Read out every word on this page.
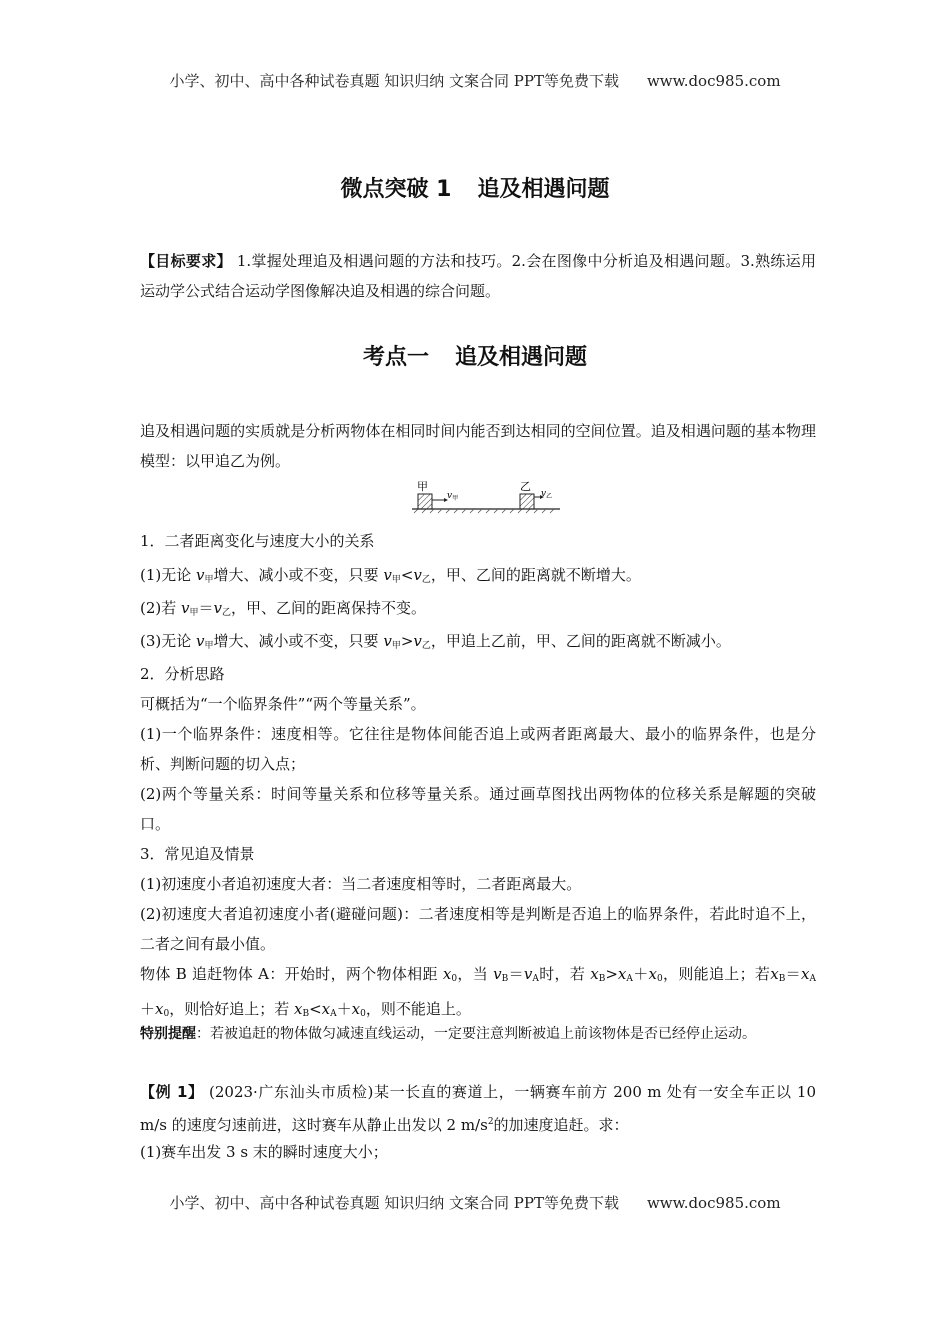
小学、初中、高中各种试卷真题 知识归纳 文案合同 PPT等免费下载 www.doc985.com
小学、初中、高中各种试卷真题 知识归纳 文案合同 PPT等免费下载 www.doc985.com
微点突破 1 追及相遇问题
【目标要求】 1.掌握处理追及相遇问题的方法和技巧。2.会在图像中分析追及相遇问题。3.熟练运用运动学公式结合运动学图像解决追及相遇的综合问题。
考点一 追及相遇问题
追及相遇问题的实质就是分析两物体在相同时间内能否到达相同的空间位置。追及相遇问题的基本物理模型：以甲追乙为例。
甲
$v_甲$
乙
$v_乙$
1．二者距离变化与速度大小的关系
(1)无论 $v_甲$增大、减小或不变，只要 $v_甲<v_乙$，甲、乙间的距离就不断增大。
(2)若 $v_甲=v_乙$，甲、乙间的距离保持不变。
(3)无论 $v_甲$增大、减小或不变，只要 $v_甲>v_乙$，甲追上乙前，甲、乙间的距离就不断减小。
2．分析思路
可概括为“一个临界条件”“两个等量关系”。
(1)一个临界条件：速度相等。它往往是物体间能否追上或两者距离最大、最小的临界条件，也是分析、判断问题的切入点；
(2)两个等量关系：时间等量关系和位移等量关系。通过画草图找出两物体的位移关系是解题的突破口。
3．常见追及情景
(1)初速度小者追初速度大者：当二者速度相等时，二者距离最大。
(2)初速度大者追初速度小者(避碰问题)：二者速度相等是判断是否追上的临界条件，若此时追不上，二者之间有最小值。
物体 B 追赶物体 A：开始时，两个物体相距 $x_0$，当 $v_B=v_A$时，若 $x_B>x_A+x_0$，则能追上；若$x_B=x_A+x_0$，则恰好追上；若 $x_B<x_A+x_0$，则不能追上。
特别提醒：若被追赶的物体做匀减速直线运动，一定要注意判断被追上前该物体是否已经停止运动。
【例 1】 (2023·广东汕头市质检)某一长直的赛道上，一辆赛车前方 200 m 处有一安全车正以 10 m/s 的速度匀速前进，这时赛车从静止出发以 2 $m/s^2$的加速度追赶。求：
(1)赛车出发 3 s 末的瞬时速度大小；
